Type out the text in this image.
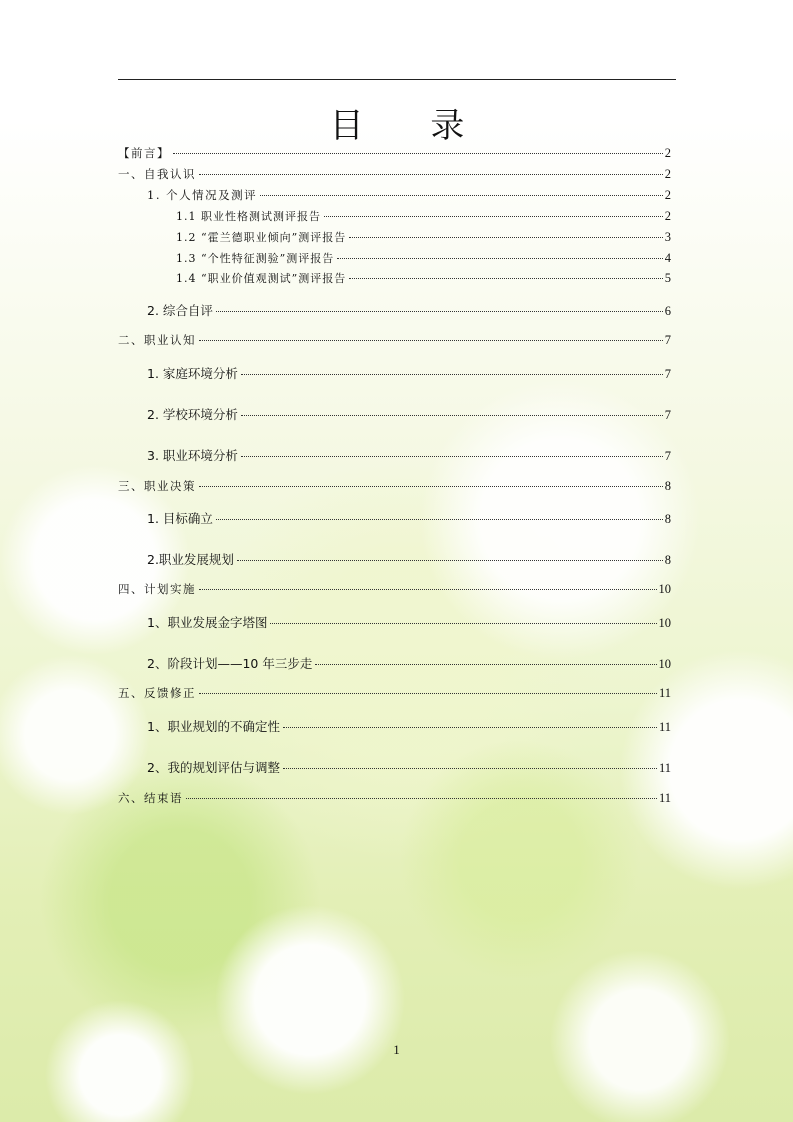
目 录
【前言】	2
一、自我认识	2
1. 个人情况及测评	2
1.1 职业性格测试测评报告	2
1.2 “霍兰德职业倾向”测评报告	3
1.3 “个性特征测验”测评报告	4
1.4 “职业价值观测试”测评报告	5
2. 综合自评	6
二、职业认知	7
1. 家庭环境分析	7
2. 学校环境分析	7
3. 职业环境分析	7
三、职业决策	8
1. 目标确立	8
2.职业发展规划	8
四、计划实施	10
1、职业发展金字塔图	10
2、阶段计划——10 年三步走	10
五、反馈修正	11
1、职业规划的不确定性	11
2、我的规划评估与调整	11
六、结束语	11
1
